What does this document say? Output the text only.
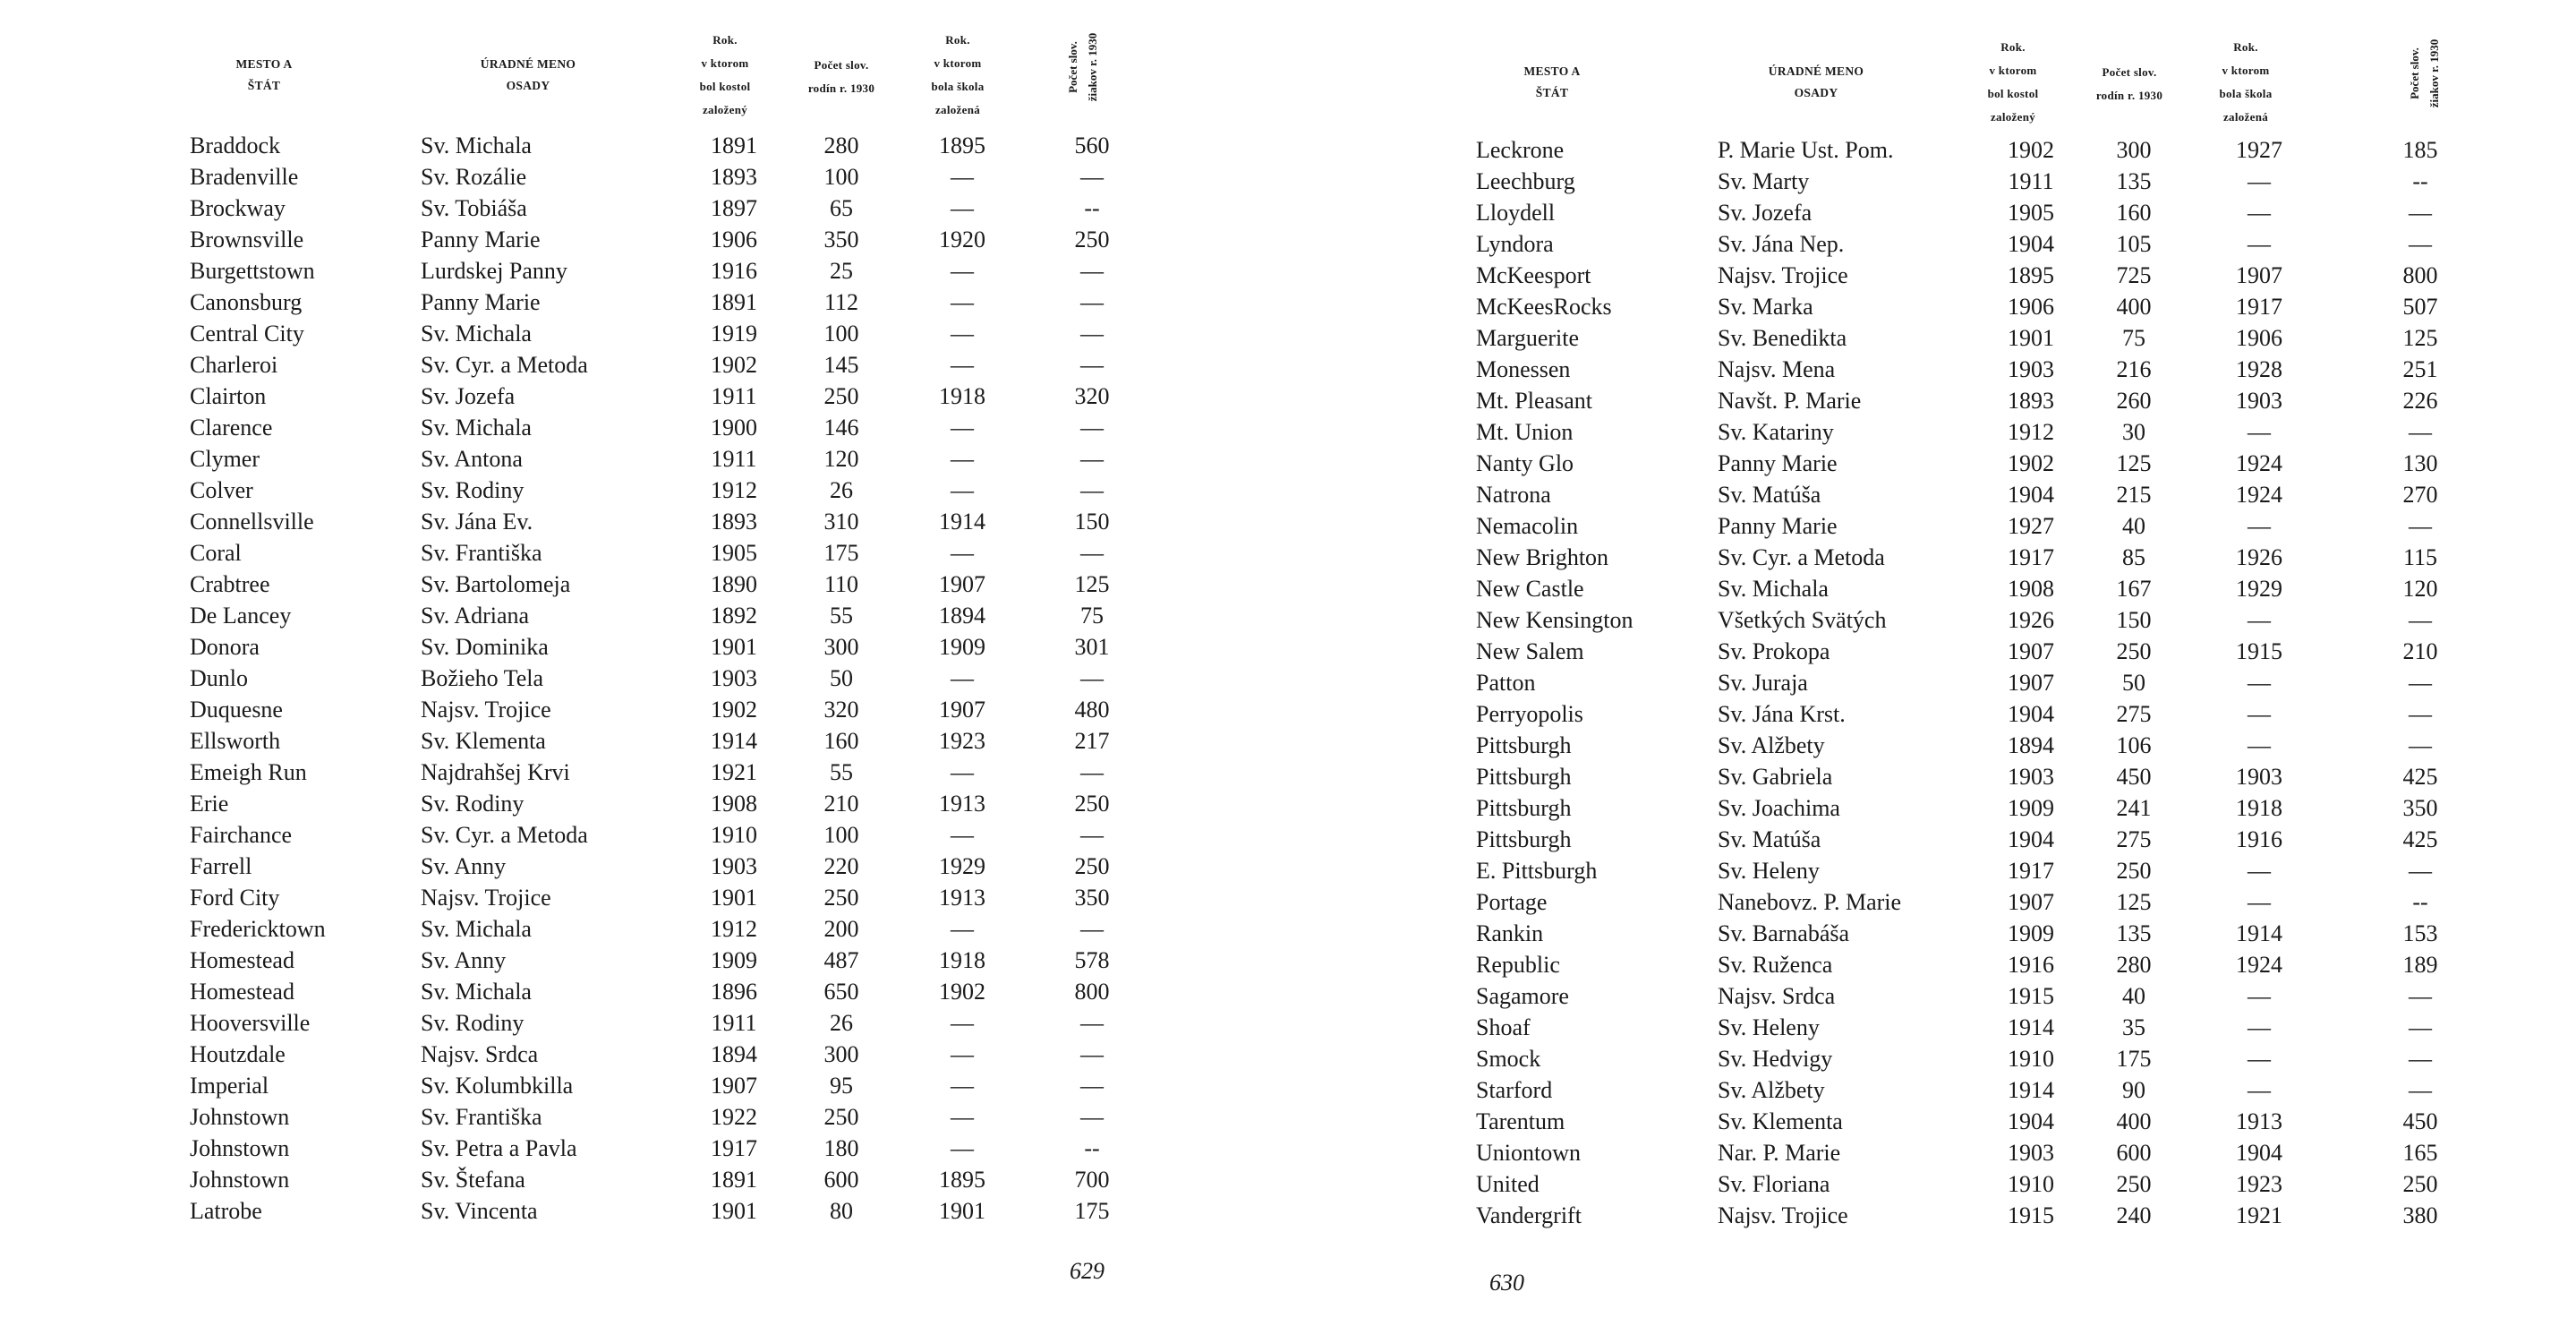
MESTO A
ŠTÁT
ÚRADNÉ MENO
OSADY
Rok.
v ktorom
bol kostol
založený
Počet slov.
rodín r. 1930
Rok.
v ktorom
bola škola
založená
Počet slov. žiakov r. 1930
Braddock	Sv. Michala	1891	280	1895	560
Bradenville	Sv. Rozálie	1893	100	—	—
Brockway	Sv. Tobiáša	1897	65	—	--
Brownsville	Panny Marie	1906	350	1920	250
Burgettstown	Lurdskej Panny	1916	25	—	—
Canonsburg	Panny Marie	1891	112	—	—
Central City	Sv. Michala	1919	100	—	—
Charleroi	Sv. Cyr. a Metoda	1902	145	—	—
Clairton	Sv. Jozefa	1911	250	1918	320
Clarence	Sv. Michala	1900	146	—	—
Clymer	Sv. Antona	1911	120	—	—
Colver	Sv. Rodiny	1912	26	—	—
Connellsville	Sv. Jána Ev.	1893	310	1914	150
Coral	Sv. Františka	1905	175	—	—
Crabtree	Sv. Bartolomeja	1890	110	1907	125
De Lancey	Sv. Adriana	1892	55	1894	75
Donora	Sv. Dominika	1901	300	1909	301
Dunlo	Božieho Tela	1903	50	—	—
Duquesne	Najsv. Trojice	1902	320	1907	480
Ellsworth	Sv. Klementa	1914	160	1923	217
Emeigh Run	Najdrahšej Krvi	1921	55	—	—
Erie	Sv. Rodiny	1908	210	1913	250
Fairchance	Sv. Cyr. a Metoda	1910	100	—	—
Farrell	Sv. Anny	1903	220	1929	250
Ford City	Najsv. Trojice	1901	250	1913	350
Fredericktown	Sv. Michala	1912	200	—	—
Homestead	Sv. Anny	1909	487	1918	578
Homestead	Sv. Michala	1896	650	1902	800
Hooversville	Sv. Rodiny	1911	26	—	—
Houtzdale	Najsv. Srdca	1894	300	—	—
Imperial	Sv. Kolumbkilla	1907	95	—	—
Johnstown	Sv. Františka	1922	250	—	—
Johnstown	Sv. Petra a Pavla	1917	180	—	--
Johnstown	Sv. Štefana	1891	600	1895	700
Latrobe	Sv. Vincenta	1901	80	1901	175
629
MESTO A
ŠTÁT
ÚRADNÉ MENO
OSADY
Rok.
v ktorom
bol kostol
založený
Počet slov.
rodín r. 1930
Rok.
v ktorom
bola škola
založená
Počet slov. žiakov r. 1930
Leckrone	P. Marie Ust. Pom.	1902	300	1927	185
Leechburg	Sv. Marty	1911	135	—	--
Lloydell	Sv. Jozefa	1905	160	—	—
Lyndora	Sv. Jána Nep.	1904	105	—	—
McKeesport	Najsv. Trojice	1895	725	1907	800
McKeesRocks	Sv. Marka	1906	400	1917	507
Marguerite	Sv. Benedikta	1901	75	1906	125
Monessen	Najsv. Mena	1903	216	1928	251
Mt. Pleasant	Navšt. P. Marie	1893	260	1903	226
Mt. Union	Sv. Katariny	1912	30	—	—
Nanty Glo	Panny Marie	1902	125	1924	130
Natrona	Sv. Matúša	1904	215	1924	270
Nemacolin	Panny Marie	1927	40	—	—
New Brighton	Sv. Cyr. a Metoda	1917	85	1926	115
New Castle	Sv. Michala	1908	167	1929	120
New Kensington	Všetkých Svätých	1926	150	—	—
New Salem	Sv. Prokopa	1907	250	1915	210
Patton	Sv. Juraja	1907	50	—	—
Perryopolis	Sv. Jána Krst.	1904	275	—	—
Pittsburgh	Sv. Alžbety	1894	106	—	—
Pittsburgh	Sv. Gabriela	1903	450	1903	425
Pittsburgh	Sv. Joachima	1909	241	1918	350
Pittsburgh	Sv. Matúša	1904	275	1916	425
E. Pittsburgh	Sv. Heleny	1917	250	—	—
Portage	Nanebovz. P. Marie	1907	125	—	--
Rankin	Sv. Barnabáša	1909	135	1914	153
Republic	Sv. Ruženca	1916	280	1924	189
Sagamore	Najsv. Srdca	1915	40	—	—
Shoaf	Sv. Heleny	1914	35	—	—
Smock	Sv. Hedvigy	1910	175	—	—
Starford	Sv. Alžbety	1914	90	—	—
Tarentum	Sv. Klementa	1904	400	1913	450
Uniontown	Nar. P. Marie	1903	600	1904	165
United	Sv. Floriana	1910	250	1923	250
Vandergrift	Najsv. Trojice	1915	240	1921	380
630
